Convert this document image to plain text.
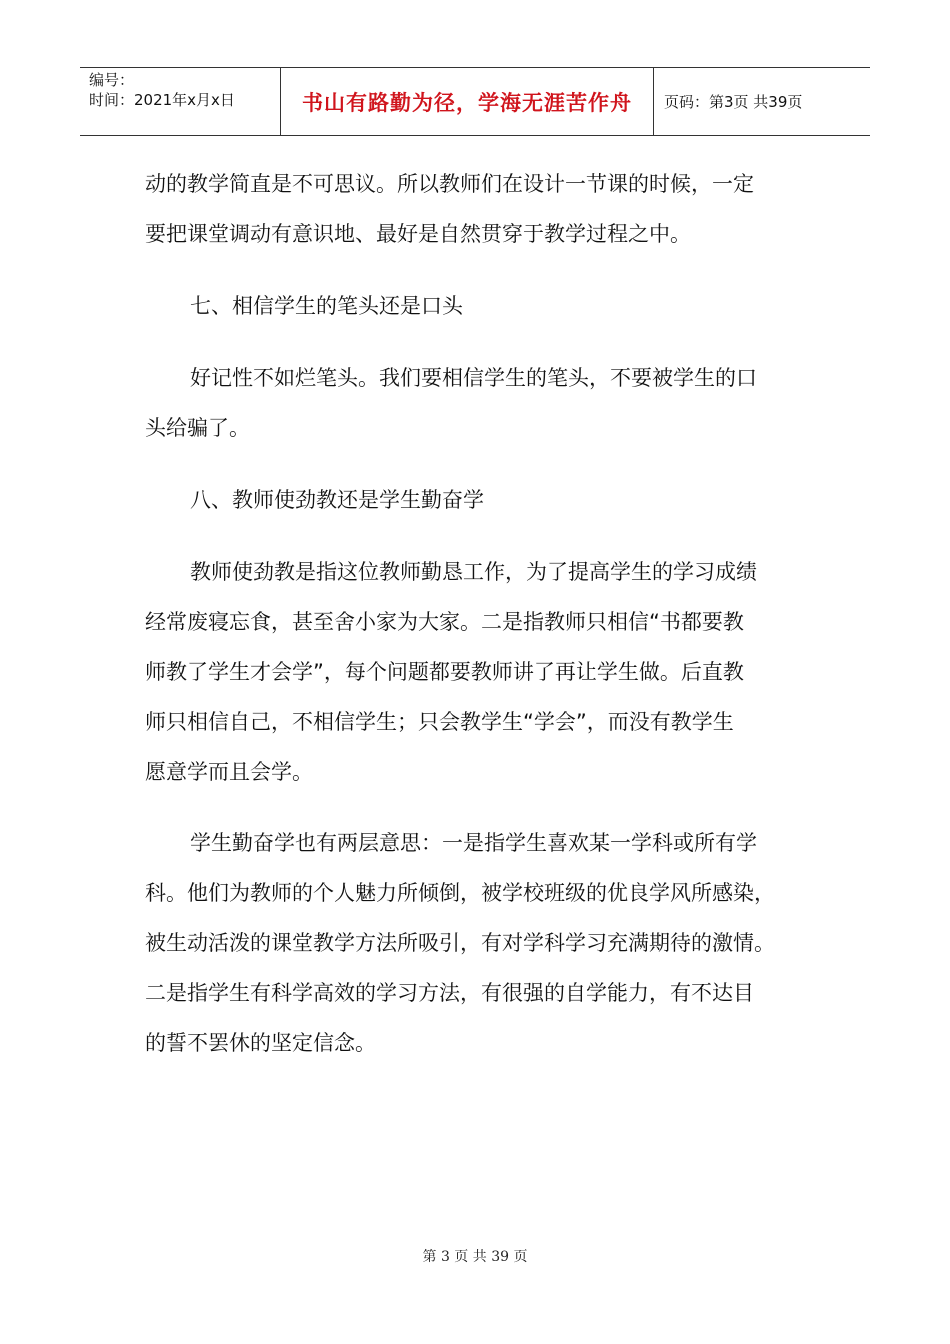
编号：
时间：2021年x月x日	书山有路勤为径，学海无涯苦作舟 页码：第3页 共39页
动的教学简直是不可思议。所以教师们在设计一节课的时候，一定
要把课堂调动有意识地、最好是自然贯穿于教学过程之中。
七、相信学生的笔头还是口头
好记性不如烂笔头。我们要相信学生的笔头，不要被学生的口
头给骗了。
八、教师使劲教还是学生勤奋学
教师使劲教是指这位教师勤恳工作，为了提高学生的学习成绩
经常废寝忘食，甚至舍小家为大家。二是指教师只相信“书都要教
师教了学生才会学”，每个问题都要教师讲了再让学生做。后直教
师只相信自己，不相信学生；只会教学生“学会”，而没有教学生
愿意学而且会学。
学生勤奋学也有两层意思：一是指学生喜欢某一学科或所有学
科。他们为教师的个人魅力所倾倒，被学校班级的优良学风所感染，
被生动活泼的课堂教学方法所吸引，有对学科学习充满期待的激情。
二是指学生有科学高效的学习方法，有很强的自学能力，有不达目
的誓不罢休的坚定信念。
第 3 页 共 39 页
